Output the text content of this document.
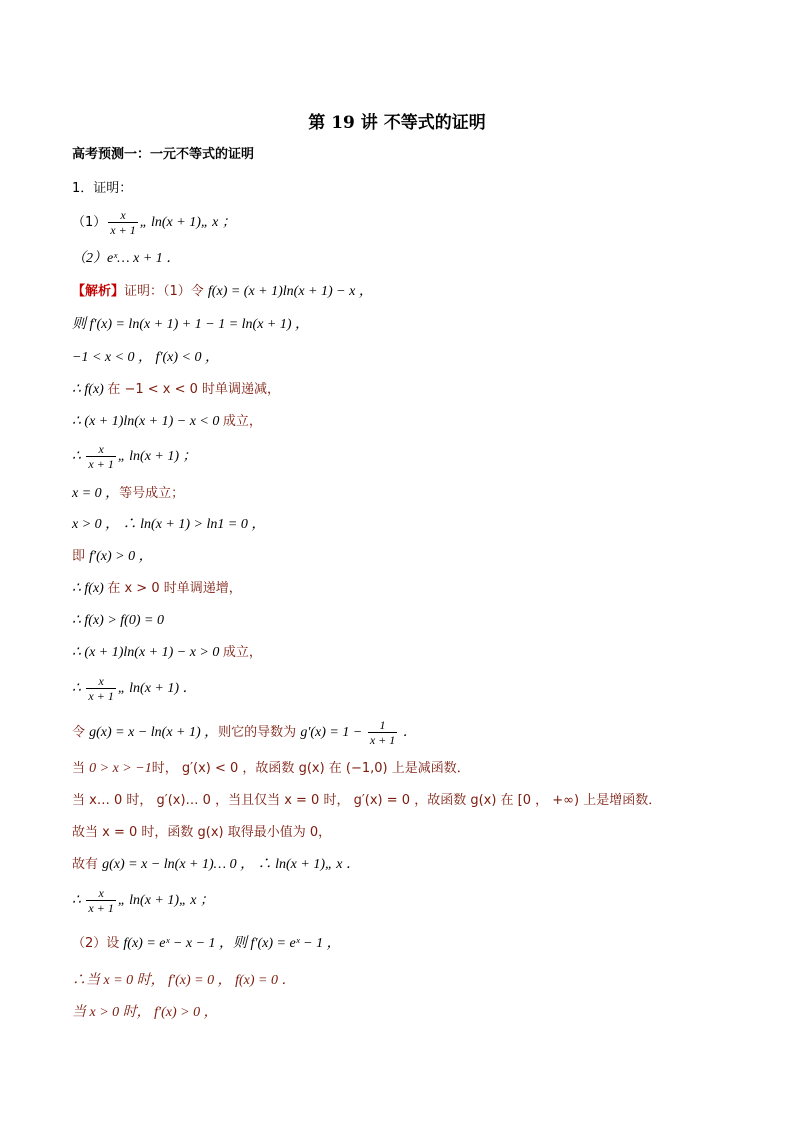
第 19 讲 不等式的证明
高考预测一：一元不等式的证明
1．证明：
$(1) \frac{x}{x + 1}$ „ ln(x + 1)„ x ；
（2）eˣ… x + 1 ．
【解析】证明：（1）令 f(x) = (x + 1)ln(x + 1) − x ，
则 f′(x) = ln(x + 1) + 1 − 1 = ln(x + 1) ，
−1 < x < 0 ， f′(x) < 0 ，
∴ f(x) 在 −1 < x < 0 时单调递减，
∴ (x + 1)ln(x + 1) − x < 0 成立，
∴ $\frac{x}{x + 1}$ „ ln(x + 1) ；
x = 0 ，等号成立；
x > 0 ， ∴ ln(x + 1) > ln1 = 0 ，
即 f′(x) > 0 ，
∴ f(x) 在 x > 0 时单调递增，
∴ f(x) > f(0) = 0
∴ (x + 1)ln(x + 1) − x > 0 成立，
∴ $\frac{x}{x + 1}$ „ ln(x + 1) ．
令 g(x) = x − ln(x + 1) ，则它的导数为 $g'(x) = 1 - \frac{1}{x + 1}$ ．
当 0 > x > −1时， g′(x) < 0 ，故函数 g(x) 在 (−1,0) 上是减函数．
当 x… 0 时， g′(x)… 0 ，当且仅当 x = 0 时， g′(x) = 0 ，故函数 g(x) 在 [0 ， +∞) 上是增函数．
故当 x = 0 时，函数 g(x) 取得最小值为 0，
故有 g(x) = x − ln(x + 1)… 0 ， ∴ ln(x + 1)„ x ．
∴ $\frac{x}{x + 1}$ „ ln(x + 1)„ x ；
（2）设 f(x) = eˣ − x − 1 ，则 f′(x) = eˣ − 1 ，
∴当 x = 0 时， f′(x) = 0 ， f(x) = 0 ．
当 x > 0 时， f′(x) > 0 ，
